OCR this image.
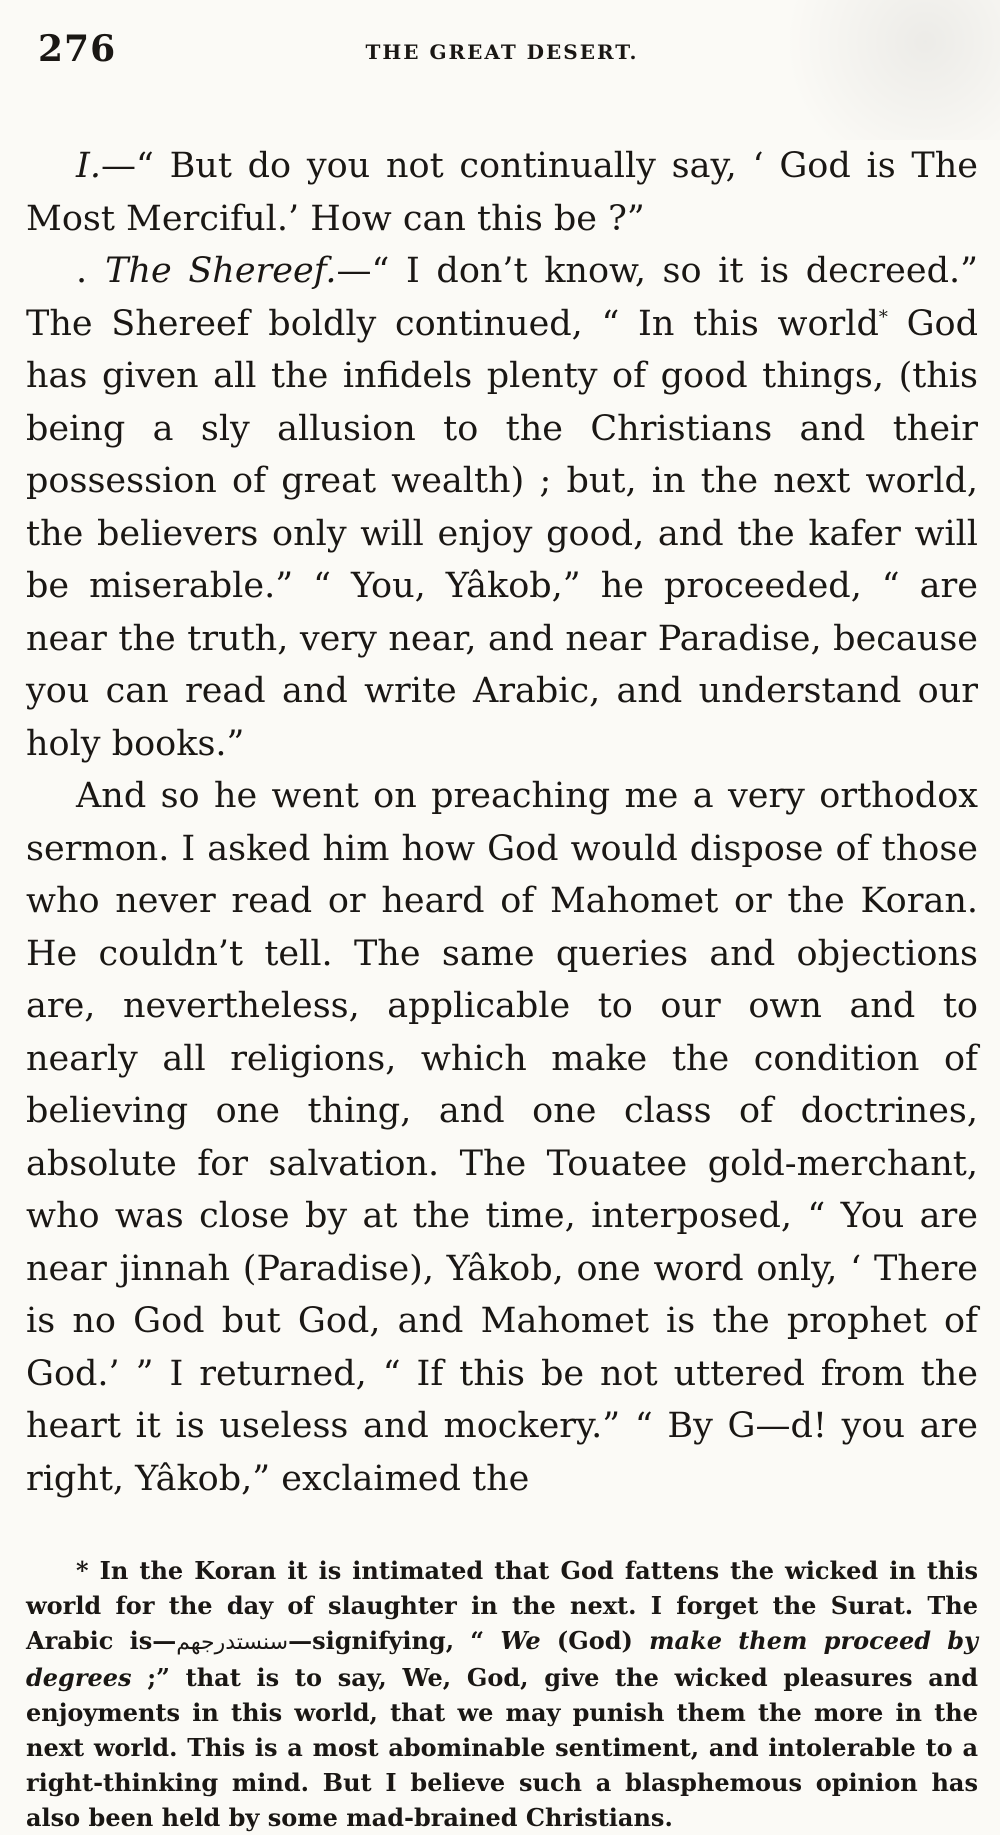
276	THE GREAT DESERT.

I.—“ But do you not continually say, ‘ God is The Most Merciful.’ How can this be ?”

. The Shereef.—“ I don’t know, so it is decreed.” The Shereef boldly continued, “ In this world* God has given all the infidels plenty of good things, (this being a sly allusion to the Christians and their possession of great wealth) ; but, in the next world, the believers only will enjoy good, and the kafer will be miserable.” “ You, Yâkob,” he proceeded, “ are near the truth, very near, and near Paradise, because you can read and write Arabic, and understand our holy books.”

And so he went on preaching me a very orthodox sermon. I asked him how God would dispose of those who never read or heard of Mahomet or the Koran. He couldn’t tell. The same queries and objections are, nevertheless, applicable to our own and to nearly all religions, which make the condition of believing one thing, and one class of doctrines, absolute for salvation. The Touatee gold-merchant, who was close by at the time, interposed, “ You are near jinnah (Paradise), Yâkob, one word only, ‘ There is no God but God, and Mahomet is the prophet of God.’ ” I returned, “ If this be not uttered from the heart it is useless and mockery.” “ By G—d! you are right, Yâkob,” exclaimed the

* In the Koran it is intimated that God fattens the wicked in this world for the day of slaughter in the next. I forget the Surat. The Arabic is—سنستدرجهم—signifying, “ We (God) make them proceed by degrees ;” that is to say, We, God, give the wicked pleasures and enjoyments in this world, that we may punish them the more in the next world. This is a most abominable sentiment, and intolerable to a right-thinking mind. But I believe such a blasphemous opinion has also been held by some mad-brained Christians.
